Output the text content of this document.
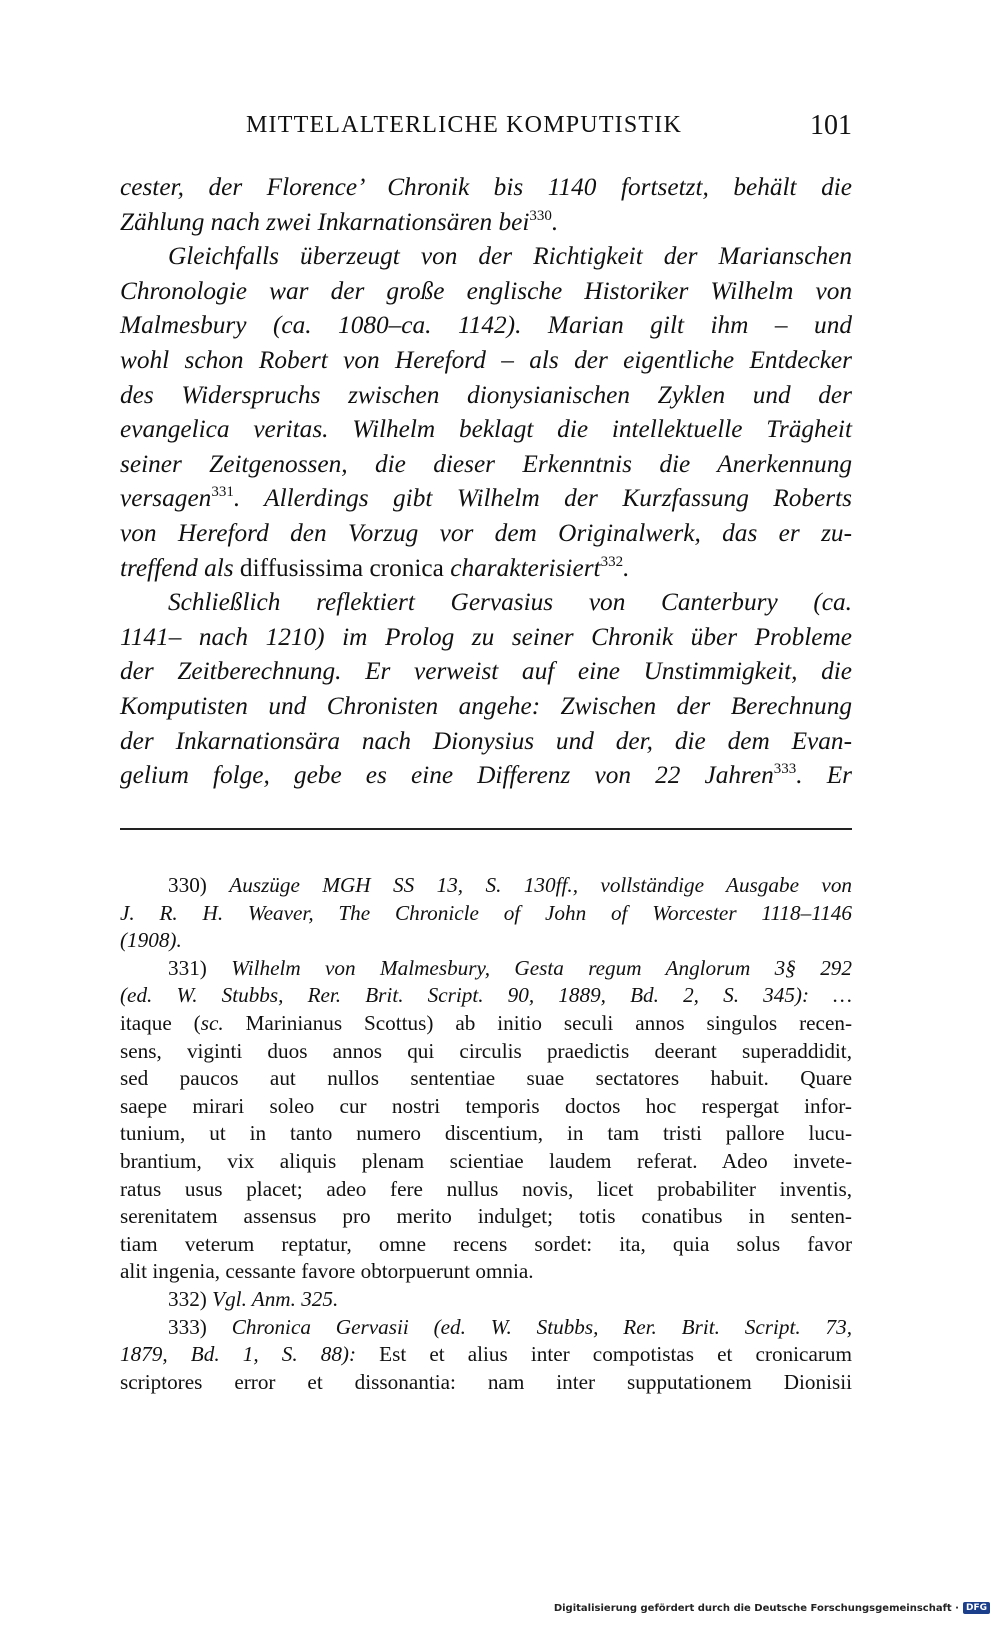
MITTELALTERLICHE KOMPUTISTIK	101
cester, der Florence’ Chronik bis 1140 fortsetzt, behält die
Zählung nach zwei Inkarnationsären bei$^{330}$.
Gleichfalls überzeugt von der Richtigkeit der Marianschen
Chronologie war der große englische Historiker Wilhelm von
Malmesbury (ca. 1080–ca. 1142). Marian gilt ihm – und
wohl schon Robert von Hereford – als der eigentliche Entdecker
des Widerspruchs zwischen dionysianischen Zyklen und der
evangelica veritas. Wilhelm beklagt die intellektuelle Trägheit
seiner Zeitgenossen, die dieser Erkenntnis die Anerkennung
versagen$^{331}$. Allerdings gibt Wilhelm der Kurzfassung Roberts
von Hereford den Vorzug vor dem Originalwerk, das er zu-
treffend als diffusissima cronica charakterisiert$^{332}$.
Schließlich reflektiert Gervasius von Canterbury (ca.
1141– nach 1210) im Prolog zu seiner Chronik über Probleme
der Zeitberechnung. Er verweist auf eine Unstimmigkeit, die
Komputisten und Chronisten angehe: Zwischen der Berechnung
der Inkarnationsära nach Dionysius und der, die dem Evan-
gelium folge, gebe es eine Differenz von 22 Jahren$^{333}$. Er
330) Auszüge MGH SS 13, S. 130ff., vollständige Ausgabe von
J. R. H. Weaver, The Chronicle of John of Worcester 1118–1146
(1908).
331) Wilhelm von Malmesbury, Gesta regum Anglorum 3§ 292
(ed. W. Stubbs, Rer. Brit. Script. 90, 1889, Bd. 2, S. 345): …
itaque (sc. Marinianus Scottus) ab initio seculi annos singulos recen-
sens, viginti duos annos qui circulis praedictis deerant superaddidit,
sed paucos aut nullos sententiae suae sectatores habuit. Quare
saepe mirari soleo cur nostri temporis doctos hoc respergat infor-
tunium, ut in tanto numero discentium, in tam tristi pallore lucu-
brantium, vix aliquis plenam scientiae laudem referat. Adeo invete-
ratus usus placet; adeo fere nullus novis, licet probabiliter inventis,
serenitatem assensus pro merito indulget; totis conatibus in senten-
tiam veterum reptatur, omne recens sordet: ita, quia solus favor
alit ingenia, cessante favore obtorpuerunt omnia.
332) Vgl. Anm. 325.
333) Chronica Gervasii (ed. W. Stubbs, Rer. Brit. Script. 73,
1879, Bd. 1, S. 88): Est et alius inter compotistas et cronicarum
scriptores error et dissonantia: nam inter supputationem Dionisii
Digitalisierung gefördert durch die Deutsche Forschungsgemeinschaft · DFG
